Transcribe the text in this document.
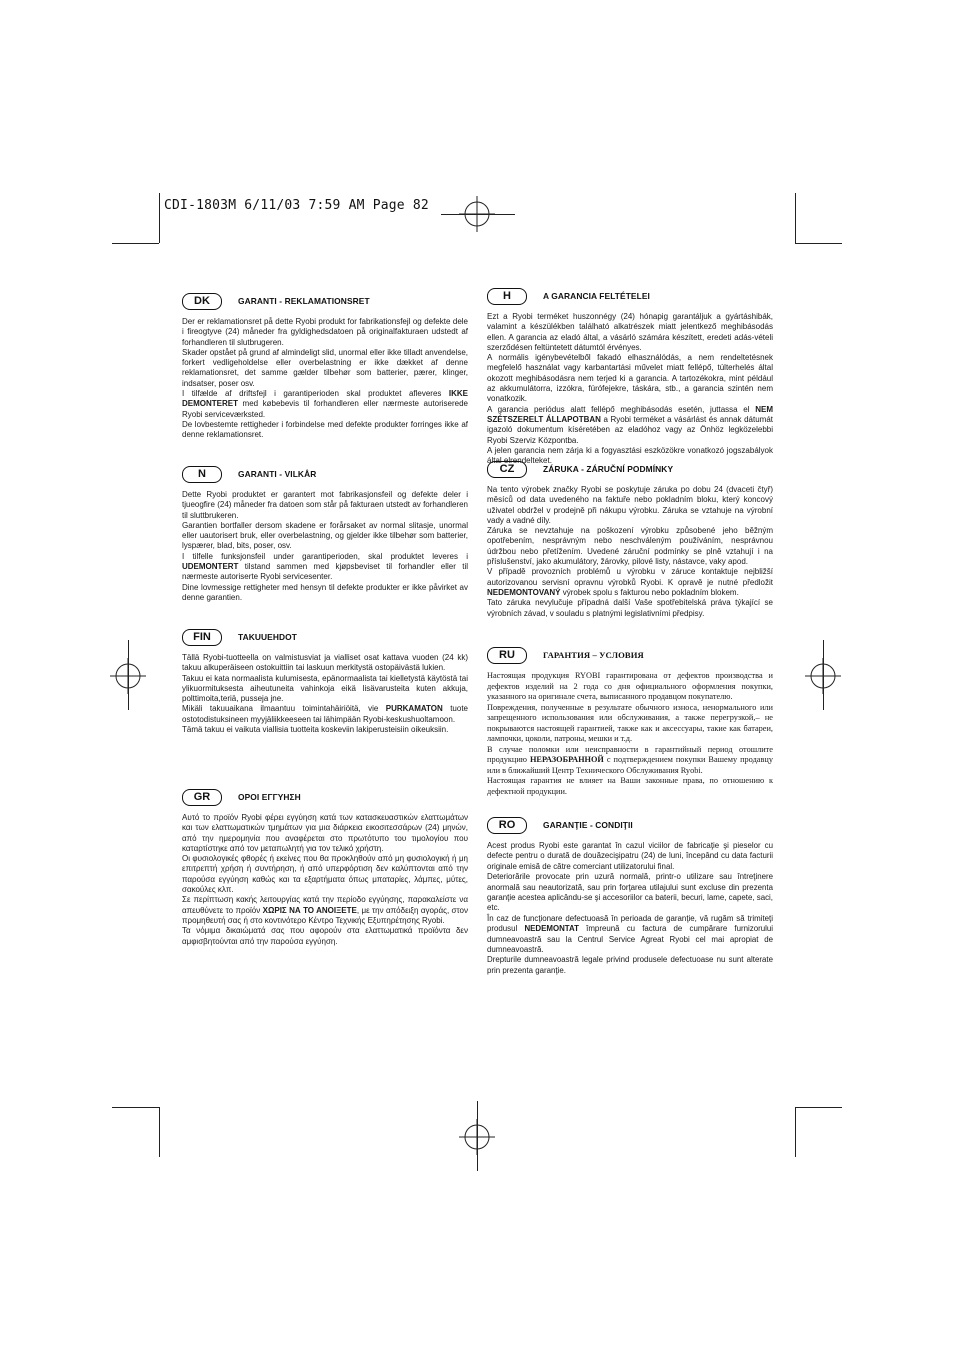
CDI-1803M 6/11/03 7:59 AM Page 82
DK	GARANTI - REKLAMATIONSRET

Der er reklamationsret på dette Ryobi produkt for fabrikationsfejl og defekte dele i fireogtyve (24) måneder fra gyldighedsdatoen på originalfakturaen udstedt af forhandleren til slutbrugeren.

Skader opstået på grund af almindeligt slid, unormal eller ikke tilladt anvendelse, forkert vedligeholdelse eller overbelastning er ikke dækket af denne reklamationsret, det samme gælder tilbehør som batterier, pærer, klinger, indsatser, poser osv.

I tilfælde af driftsfejl i garantiperioden skal produktet afleveres IKKE DEMONTERET med købebevis til forhandleren eller nærmeste autoriserede Ryobi serviceværksted.

De lovbestemte rettigheder i forbindelse med defekte produkter forringes ikke af denne reklamationsret.

N	GARANTI - VILKÅR

Dette Ryobi produktet er garantert mot fabrikasjonsfeil og defekte deler i tjueogfire (24) måneder fra datoen som står på fakturaen utstedt av forhandleren til sluttbrukeren.

Garantien bortfaller dersom skadene er forårsaket av normal slitasje, unormal eller uautorisert bruk, eller overbelastning, og gjelder ikke tilbehør som batterier, lyspærer, blad, bits, poser, osv.

I tilfelle funksjonsfeil under garantiperioden, skal produktet leveres i UDEMONTERT tilstand sammen med kjøpsbeviset til forhandler eller til nærmeste autoriserte Ryobi servicesenter.

Dine lovmessige rettigheter med hensyn til defekte produkter er ikke påvirket av denne garantien.

FIN	TAKUUEHDOT

Tällä Ryobi-tuotteella on valmistusviat ja vialliset osat kattava vuoden (24 kk) takuu alkuperäiseen ostokuittiin tai laskuun merkitystä ostopäivästä lukien.

Takuu ei kata normaalista kulumisesta, epänormaalista tai kielletystä käytöstä tai ylikuormituksesta aiheutuneita vahinkoja eikä lisävarusteita kuten akkuja, polttimoita,teriä, pusseja jne.

Mikäli takuuaikana ilmaantuu toimintahäiriöitä, vie PURKAMATON tuote ostotodistuksineen myyjäliikkeeseen tai lähimpään Ryobi-keskushuoltamoon.

Tämä takuu ei vaikuta viallisia tuotteita koskeviin lakiperusteisiin oikeuksiin.

GR	ΟΡΟΙ ΕΓΓΥΗΣΗ

Αυτό το προϊόν Ryobi φέρει εγγύηση κατά των κατασκευαστικών ελαττωμάτων και των ελαττωματικών τμημάτων για μια διάρκεια εικοσιτεσσάρων (24) μηνών, από την ημερομηνία που αναφέρεται στο πρωτότυπο του τιμολογίου που καταρτίστηκε από τον μεταπωλητή για τον τελικό χρήστη.

Οι φυσιολογικές φθορές ή εκείνες που θα προκληθούν από μη φυσιολογική ή μη επιτρεπτή χρήση ή συντήρηση, ή από υπερφόρτιση δεν καλύπτονται από την παρούσα εγγύηση καθώς και τα εξαρτήματα όπως μπαταρίες, λάμπες, μύτες, σακούλες κλπ.

Σε περίπτωση κακής λειτουργίας κατά την περίοδο εγγύησης, παρακαλείστε να απευθύνετε το προϊόν ΧΩΡΙΣ ΝΑ ΤΟ ΑΝΟΙΞΕΤΕ, με την απόδειξη αγοράς, στον προμηθευτή σας ή στο κοντινότερο Κέντρο Τεχνικής Εξυπηρέτησης Ryobi.

Τα νόμιμα δικαιώματά σας που αφορούν στα ελαττωματικά προϊόντα δεν αμφισβητούνται από την παρούσα εγγύηση.

H	A GARANCIA FELTÉTELEI

Ezt a Ryobi terméket huszonnégy (24) hónapig garantáljuk a gyártáshibák, valamint a készülékben található alkatrészek miatt jelentkező meghibásodás ellen. A garancia az eladó által, a vásárló számára készített, eredeti adás-vételi szerződésen feltüntetett dátumtól érvényes.

A normális igénybevételből fakadó elhasználódás, a nem rendeltetésnek megfelelő használat vagy karbantartási művelet miatt fellépő, túlterhelés által okozott meghibásodásra nem terjed ki a garancia. A tartozékokra, mint például az akkumulátorra, izzókra, fúrófejekre, táskára, stb., a garancia szintén nem vonatkozik.

A garancia periódus alatt fellépő meghibásodás esetén, juttassa el NEM SZÉTSZERELT ÁLLAPOTBAN a Ryobi terméket a vásárlást és annak dátumát igazoló dokumentum kíséretében az eladóhoz vagy az Önhöz legközelebbi Ryobi Szerviz Központba.

A jelen garancia nem zárja ki a fogyasztási eszközökre vonatkozó jogszabályok által elrendelteket.

CZ	ZÁRUKA - ZÁRUČNÍ PODMÍNKY

Na tento výrobek značky Ryobi se poskytuje záruka po dobu 24 (dvaceti čtyř) měsíců od data uvedeného na faktuře nebo pokladním bloku, který koncový uživatel obdržel v prodejně při nákupu výrobku. Záruka se vztahuje na výrobní vady a vadné díly.

Záruka se nevztahuje na poškození výrobku způsobené jeho běžným opotřebením, nesprávným nebo neschváleným používáním, nesprávnou údržbou nebo přetížením. Uvedené záruční podmínky se plně vztahují i na příslušenství, jako akumulátory, žárovky, pilové listy, nástavce, vaky apod.

V případě provozních problémů u výrobku v záruce kontaktuje nejbližší autorizovanou servisní opravnu výrobků Ryobi. K opravě je nutné předložit NEDEMONTOVANÝ výrobek spolu s fakturou nebo pokladním blokem.

Tato záruka nevylučuje případná další Vaše spotřebitelská práva týkající se výrobních závad, v souladu s platnými legislativními předpisy.

RU	ГАРАНТИЯ – УСЛОВИЯ

Настоящая продукция RYOBI гарантирована от дефектов производства и дефектов изделий на 2 года со дня официального оформления покупки, указанного на оригинале счета, выписанного продавцом покупателю.

Повреждения, полученные в результате обычного износа, ненормального или запрещенного использования или обслуживания, а также перегрузкой,– не покрываются настоящей гарантией, также как и аксессуары, такие как батареи, лампочки, цоколи, патроны, мешки и т.д.

В случае поломки или неисправности в гарантийный период отошлите продукцию НЕРАЗОБРАННОЙ с подтверждением покупки Вашему продавцу или в ближайший Центр Технического Обслуживания Ryobi.

Настоящая гарантия не влияет на Ваши законные права, по отношению к дефектной продукции.

RO	GARANŢIE - CONDIŢII

Acest produs Ryobi este garantat în cazul viciilor de fabricaţie şi pieselor cu defecte pentru o durată de douăzecişipatru (24) de luni, începând cu data facturii originale emisă de către comerciant utilizatorului final.

Deteriorările provocate prin uzură normală, printr-o utilizare sau întreţinere anormală sau neautorizată, sau prin forţarea utilajului sunt excluse din prezenta garanţie acestea aplicându-se şi accesoriilor ca baterii, becuri, lame, capete, saci, etc.

În caz de funcţionare defectuoasă în perioada de garanţie, vă rugăm să trimiteţi produsul NEDEMONTAT împreună cu factura de cumpărare furnizorului dumneavoastră sau la Centrul Service Agreat Ryobi cel mai apropiat de dumneavoastră.

Drepturile dumneavoastră legale privind produsele defectuoase nu sunt alterate prin prezenta garanţie.
